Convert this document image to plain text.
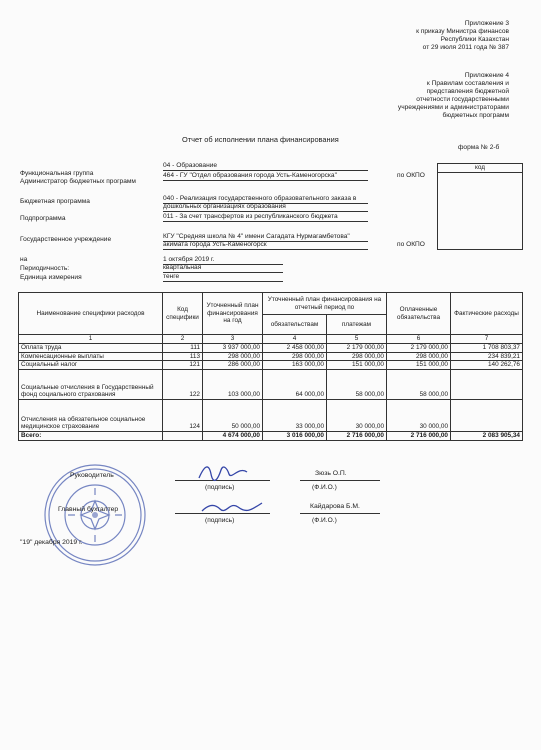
Приложение 3
к приказу Министра финансов
Республики Казахстан
от 29 июля 2011 года № 387
Приложение 4
к Правилам составления и
представления бюджетной
отчетности государственными
учреждениями и администраторами
бюджетных программ
Отчет об исполнении плана финансирования
форма № 2-б
код
Функциональная группа
04 - Образование
Администратор бюджетных программ
464 - ГУ "Отдел образования города Усть-Каменогорска"	по ОКПО
Бюджетная программа	040 - Реализация государственного образовательного заказа в
дошкольных организациях образования
Подпрограмма	011 - За счет трансфертов из республиканского бюджета
Государственное учреждение	КГУ "Средняя школа № 4" имени Сагадата Нурмагамбетова"
акимата города Усть-Каменогорск	по ОКПО
на	1 октября 2019 г.
Периодичность:	квартальная
Единица измерения	тенге
Наименование специфики расходов	Код специфики	Уточненный план финансирования на год	Уточненный план финансирования на отчетный период по		Оплаченные обязательства	Фактические расходы
			обязательствам	платежам		
1	2	3	4	5	6	7
Оплата труда	111	3 937 000,00	2 458 000,00	2 179 000,00	2 179 000,00	1 708 803,37
Компенсационные выплаты	113	298 000,00	298 000,00	298 000,00	298 000,00	234 839,21
Социальный налог	121	286 000,00	163 000,00	151 000,00	151 000,00	140 262,76
Социальные отчисления в Государственный фонд социального страхования	122	103 000,00	64 000,00	58 000,00	58 000,00	
Отчисления на обязательное социальное медицинское страхование	124	50 000,00	33 000,00	30 000,00	30 000,00	
Всего:		4 674 000,00	3 016 000,00	2 716 000,00	2 716 000,00	2 083 905,34
Руководитель
(подпись)
Зюзь О.П.
(Ф.И.О.)
Главный бухгалтер
(подпись)
Кайдарова Б.М.
(Ф.И.О.)
"19" декабря 2019 г.
